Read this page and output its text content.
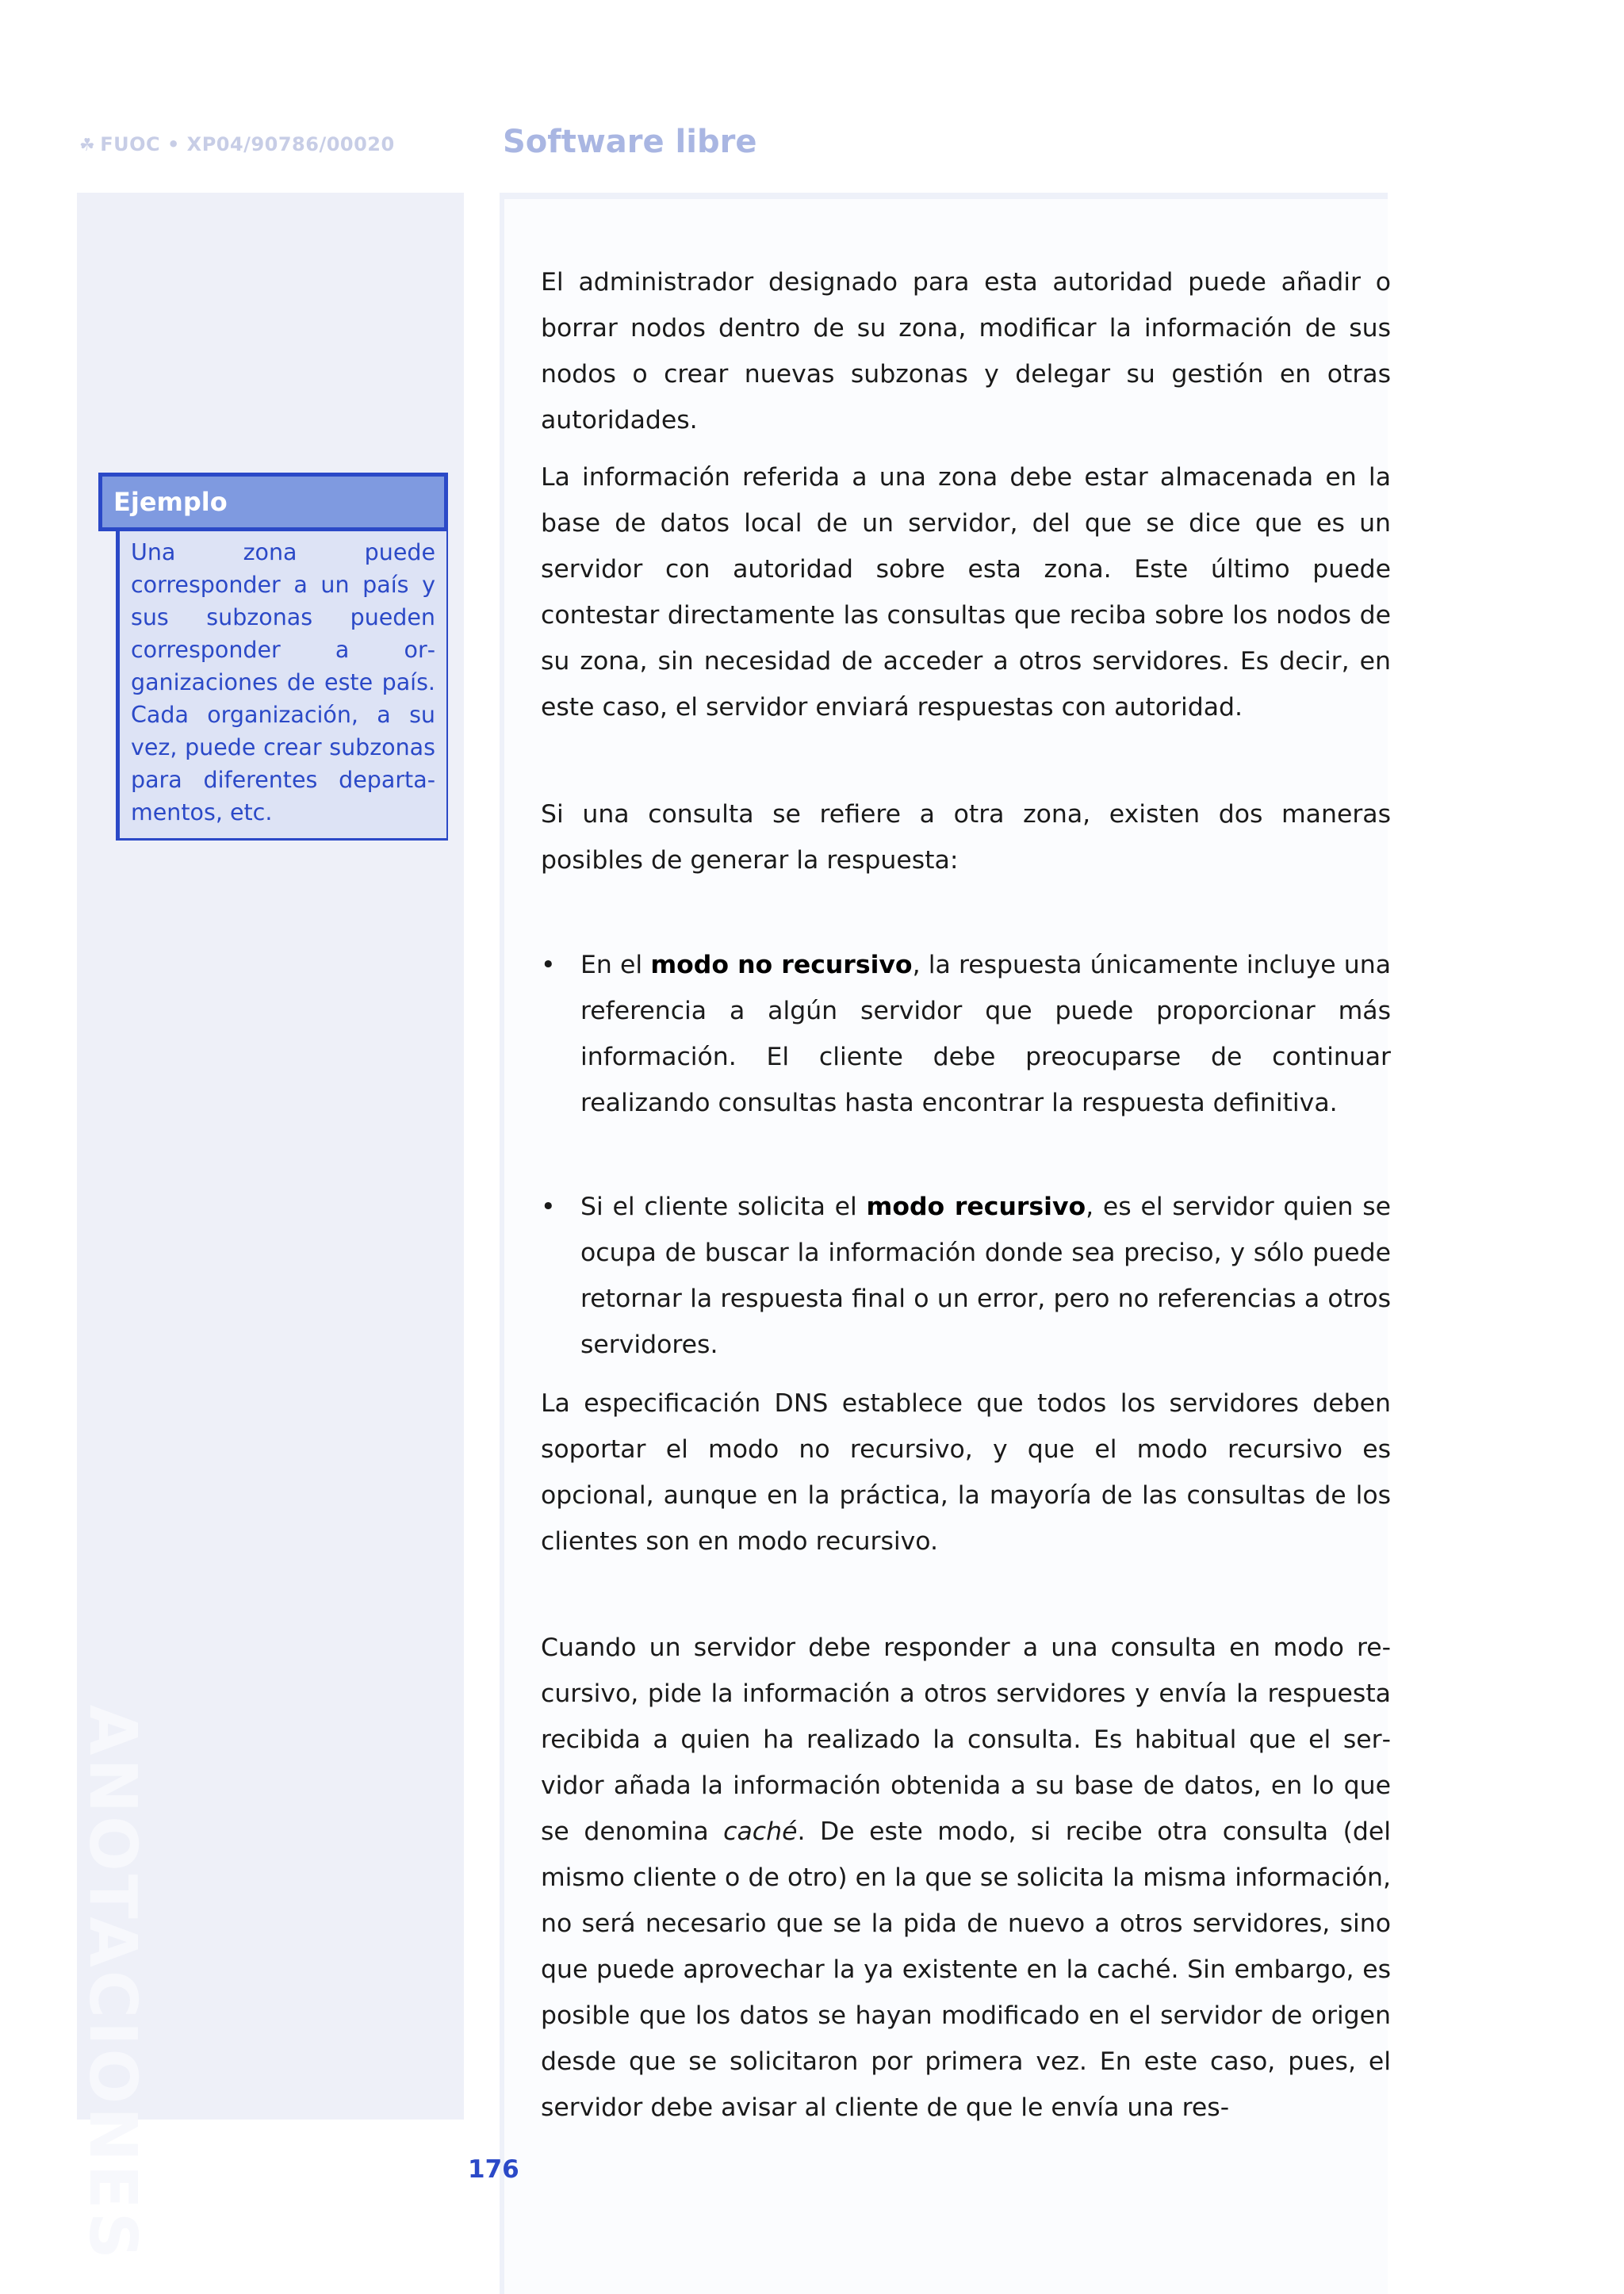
☘ FUOC • XP04/90786/00020	Software libre
ANOTACIONES
Ejemplo
Una zona puede corresponder a un país y sus subzonas pueden corresponder a organizaciones de este país. Cada organización, a su vez, puede crear subzonas para diferentes departamentos, etc.

El administrador designado para esta autoridad puede añadir o borrar nodos dentro de su zona, modificar la información de sus nodos o crear nuevas subzonas y delegar su gestión en otras autoridades.

La información referida a una zona debe estar almacenada en la base de datos local de un servidor, del que se dice que es un servidor con autoridad sobre esta zona. Este último puede contestar directamente las consultas que reciba sobre los nodos de su zona, sin necesidad de acceder a otros servidores. Es decir, en este caso, el servidor enviará respuestas con autoridad.

Si una consulta se refiere a otra zona, existen dos maneras posibles de generar la respuesta:

• En el modo no recursivo, la respuesta únicamente incluye una referencia a algún servidor que puede proporcionar más información. El cliente debe preocuparse de continuar realizando consultas hasta encontrar la respuesta definitiva.
• Si el cliente solicita el modo recursivo, es el servidor quien se ocupa de buscar la información donde sea preciso, y sólo puede retornar la respuesta final o un error, pero no referencias a otros servidores.

La especificación DNS establece que todos los servidores deben soportar el modo no recursivo, y que el modo recursivo es opcional, aunque en la práctica, la mayoría de las consultas de los clientes son en modo recursivo.

Cuando un servidor debe responder a una consulta en modo recursivo, pide la información a otros servidores y envía la respuesta recibida a quien ha realizado la consulta. Es habitual que el servidor añada la información obtenida a su base de datos, en lo que se denomina caché. De este modo, si recibe otra consulta (del mismo cliente o de otro) en la que se solicita la misma información, no será necesario que se la pida de nuevo a otros servidores, sino que puede aprovechar la ya existente en la caché. Sin embargo, es posible que los datos se hayan modificado en el servidor de origen desde que se solicitaron por primera vez. En este caso, pues, el servidor debe avisar al cliente de que le envía una res-

176
